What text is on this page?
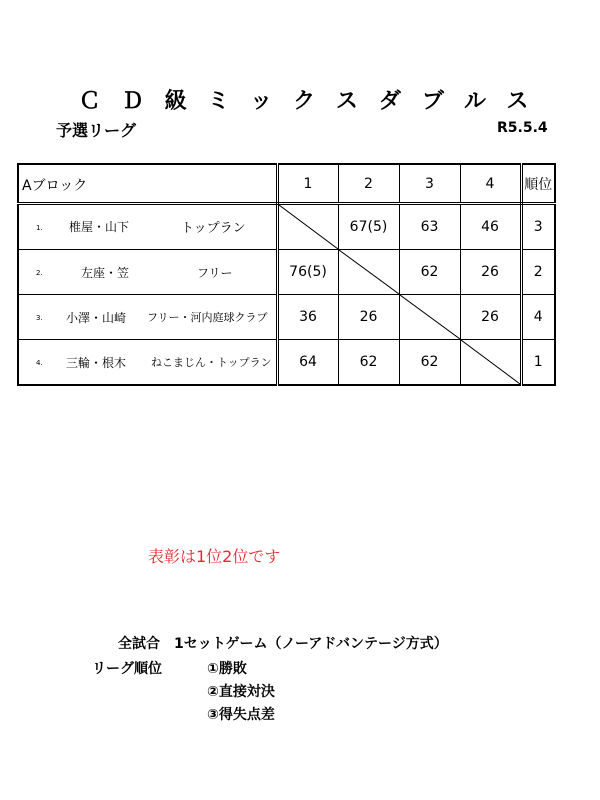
ＣＤ級ミックスダブルス
予選リーグ	R5.5.4
Aブロック	1	2	3	4	順位

1. 椎屋・山下 トップラン		67(5)	63	46	3

2. 左座・笠 フリー	76(5)		62	26	2

3. 小澤・山崎 フリー・河内庭球クラブ	36	26		26	4

4. 三輪・根木 ねこまじん・トップラン	64	62	62		1
表彰は1位2位です
全試合　1セットゲーム（ノーアドバンテージ方式）
リーグ順位	①勝敗
②直接対決
③得失点差
